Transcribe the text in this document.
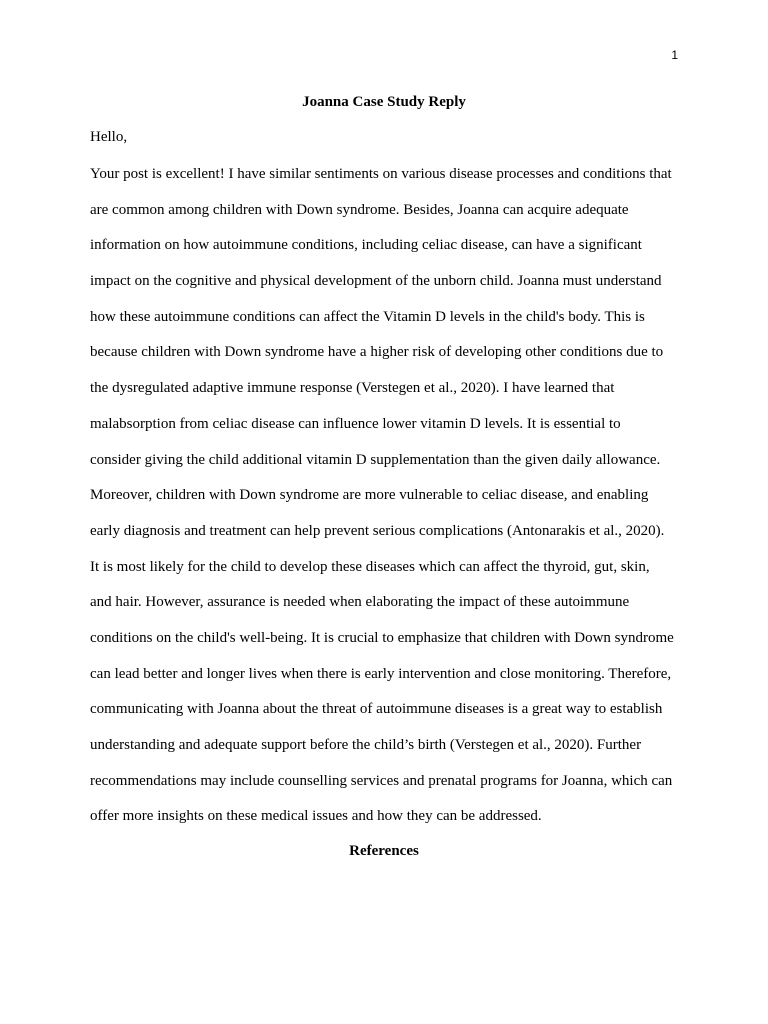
1
Joanna Case Study Reply
Hello,
Your post is excellent! I have similar sentiments on various disease processes and conditions that
are common among children with Down syndrome. Besides, Joanna can acquire adequate
information on how autoimmune conditions, including celiac disease, can have a significant
impact on the cognitive and physical development of the unborn child. Joanna must understand
how these autoimmune conditions can affect the Vitamin D levels in the child's body. This is
because children with Down syndrome have a higher risk of developing other conditions due to
the dysregulated adaptive immune response (Verstegen et al., 2020). I have learned that
malabsorption from celiac disease can influence lower vitamin D levels. It is essential to
consider giving the child additional vitamin D supplementation than the given daily allowance.
Moreover, children with Down syndrome are more vulnerable to celiac disease, and enabling
early diagnosis and treatment can help prevent serious complications (Antonarakis et al., 2020).
It is most likely for the child to develop these diseases which can affect the thyroid, gut, skin,
and hair. However, assurance is needed when elaborating the impact of these autoimmune
conditions on the child's well-being. It is crucial to emphasize that children with Down syndrome
can lead better and longer lives when there is early intervention and close monitoring. Therefore,
communicating with Joanna about the threat of autoimmune diseases is a great way to establish
understanding and adequate support before the child’s birth (Verstegen et al., 2020). Further
recommendations may include counselling services and prenatal programs for Joanna, which can
offer more insights on these medical issues and how they can be addressed.
References
